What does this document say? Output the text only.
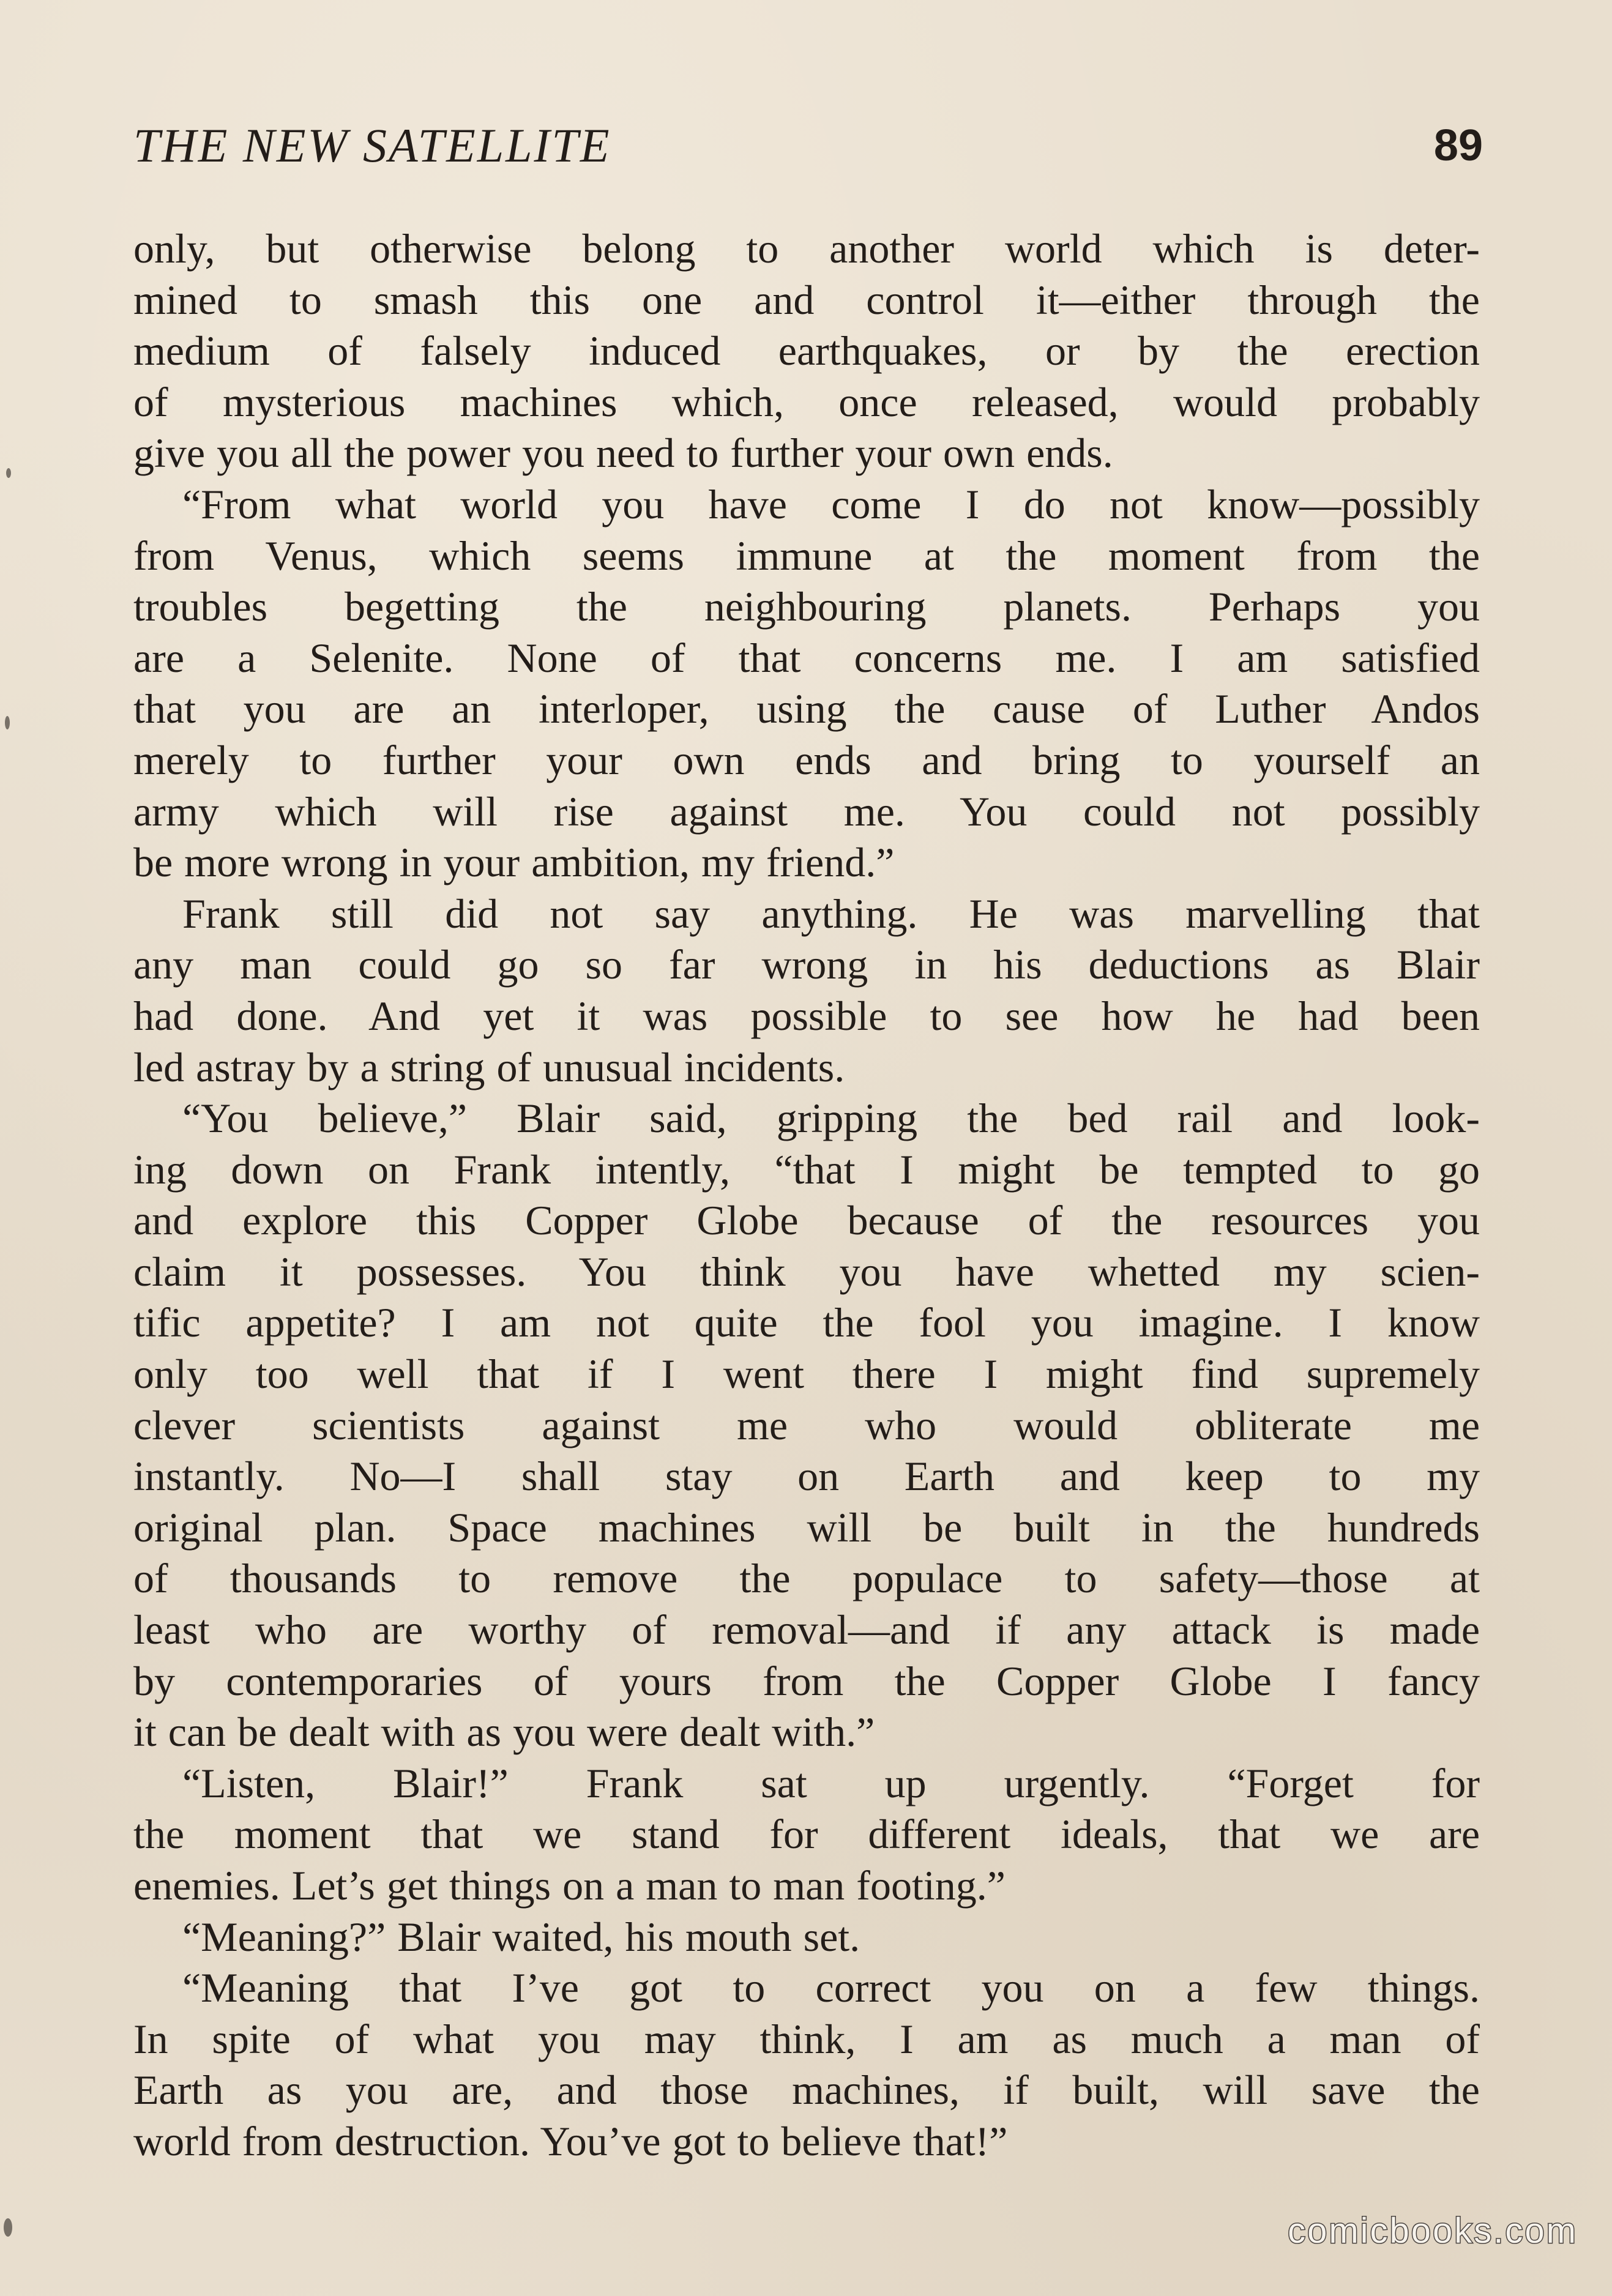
THE NEW SATELLITE	89
only, but otherwise belong to another world which is deter-
mined to smash this one and control it—either through the
medium of falsely induced earthquakes, or by the erection
of mysterious machines which, once released, would probably
give you all the power you need to further your own ends.
“From what world you have come I do not know—possibly
from Venus, which seems immune at the moment from the
troubles begetting the neighbouring planets. Perhaps you
are a Selenite. None of that concerns me. I am satisfied
that you are an interloper, using the cause of Luther Andos
merely to further your own ends and bring to yourself an
army which will rise against me. You could not possibly
be more wrong in your ambition, my friend.”
Frank still did not say anything. He was marvelling that
any man could go so far wrong in his deductions as Blair
had done. And yet it was possible to see how he had been
led astray by a string of unusual incidents.
“You believe,” Blair said, gripping the bed rail and look-
ing down on Frank intently, “that I might be tempted to go
and explore this Copper Globe because of the resources you
claim it possesses. You think you have whetted my scien-
tific appetite? I am not quite the fool you imagine. I know
only too well that if I went there I might find supremely
clever scientists against me who would obliterate me
instantly. No—I shall stay on Earth and keep to my
original plan. Space machines will be built in the hundreds
of thousands to remove the populace to safety—those at
least who are worthy of removal—and if any attack is made
by contemporaries of yours from the Copper Globe I fancy
it can be dealt with as you were dealt with.”
“Listen, Blair!” Frank sat up urgently. “Forget for
the moment that we stand for different ideals, that we are
enemies. Let’s get things on a man to man footing.”
“Meaning?” Blair waited, his mouth set.
“Meaning that I’ve got to correct you on a few things.
In spite of what you may think, I am as much a man of
Earth as you are, and those machines, if built, will save the
world from destruction. You’ve got to believe that!”
comicbooks.com
